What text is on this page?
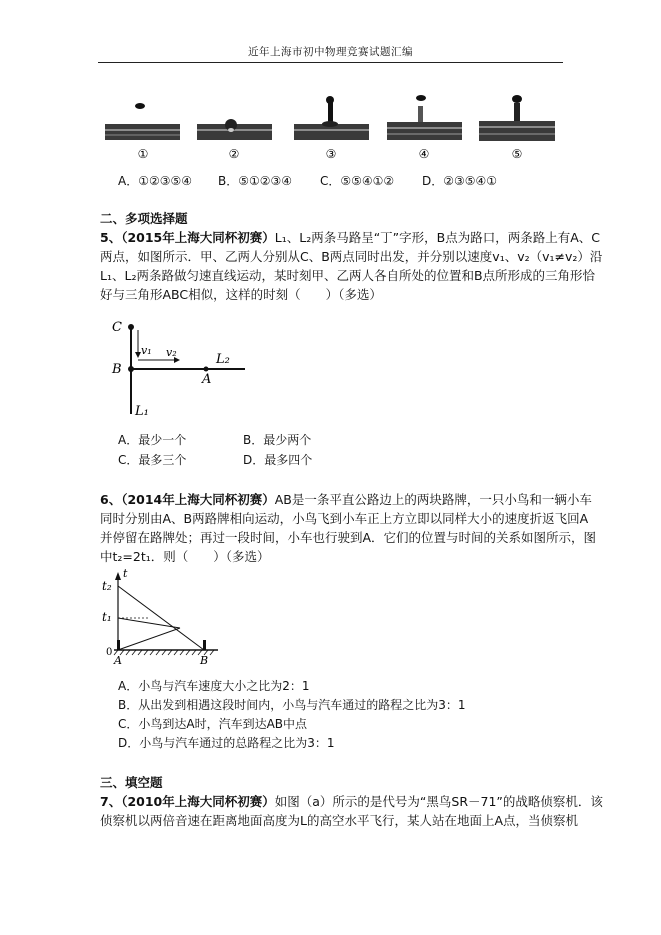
近年上海市初中物理竞赛试题汇编
①	②	③	④	⑤
A．①②③⑤④ B．⑤①②③④ C．⑤⑤④①② D．②③⑤④①
二、多项选择题
5、（2015年上海大同杯初赛）L₁、L₂两条马路呈“丁”字形，B点为路口，两条路上有A、C
两点，如图所示．甲、乙两人分别从C、B两点同时出发，并分别以速度v₁、v₂（v₁≠v₂）沿
L₁、L₂两条路做匀速直线运动，某时刻甲、乙两人各自所处的位置和B点所形成的三角形恰
好与三角形ABC相似，这样的时刻（　　）（多选）
C
B
A
v₁ v₂	L₂
L₁
A．最少一个	B．最少两个
C．最多三个	D．最多四个
6、（2014年上海大同杯初赛）AB是一条平直公路边上的两块路牌，一只小鸟和一辆小车
同时分别由A、B两路牌相向运动，小鸟飞到小车正上方立即以同样大小的速度折返飞回A
并停留在路牌处；再过一段时间，小车也行驶到A．它们的位置与时间的关系如图所示，图
中t₂=2t₁．则（　　）（多选）
t
t₂
t₁
0
A	B
A．小鸟与汽车速度大小之比为2：1
B．从出发到相遇这段时间内，小鸟与汽车通过的路程之比为3：1
C．小鸟到达A时，汽车到达AB中点
D．小鸟与汽车通过的总路程之比为3：1
三、填空题
7、（2010年上海大同杯初赛）如图（a）所示的是代号为“黑鸟SR－71”的战略侦察机．该
侦察机以两倍音速在距离地面高度为L的高空水平飞行，某人站在地面上A点，当侦察机
